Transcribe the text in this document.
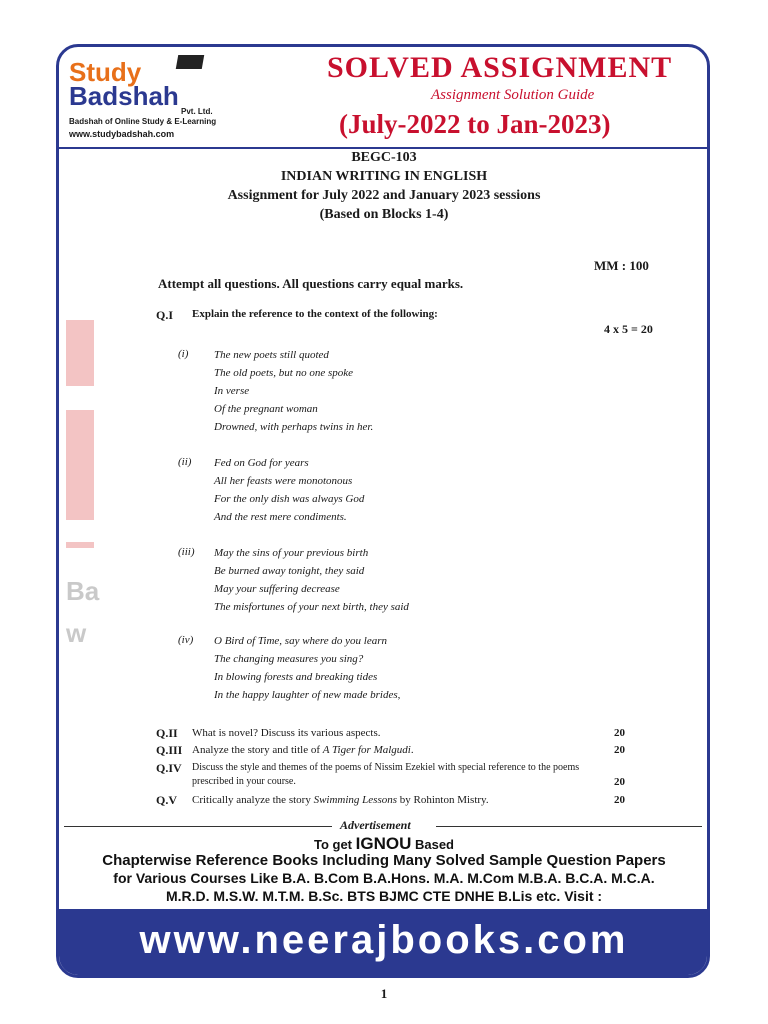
Study
Badshah
Pvt. Ltd.
Badshah of Online Study & E-Learning
www.studybadshah.com
SOLVED ASSIGNMENT
Assignment Solution Guide
(July-2022 to Jan-2023)
Ba
w
BEGC-103
INDIAN WRITING IN ENGLISH
Assignment for July 2022 and January 2023 sessions
(Based on Blocks 1-4)
MM : 100
Attempt all questions. All questions carry equal marks.
Q.I Explain the reference to the context of the following:
4 x 5 = 20
(i) The new poets still quoted
The old poets, but no one spoke
In verse
Of the pregnant woman
Drowned, with perhaps twins in her.
(ii) Fed on God for years
All her feasts were monotonous
For the only dish was always God
And the rest mere condiments.
(iii) May the sins of your previous birth
Be burned away tonight, they said
May your suffering decrease
The misfortunes of your next birth, they said
(iv) O Bird of Time, say where do you learn
The changing measures you sing?
In blowing forests and breaking tides
In the happy laughter of new made brides,
Q.II What is novel? Discuss its various aspects.	20
Q.III Analyze the story and title of A Tiger for Malgudi.	20
Q.IV Discuss the style and themes of the poems of Nissim Ezekiel with special reference to the poems
prescribed in your course.	20
Q.V Critically analyze the story Swimming Lessons by Rohinton Mistry.	20
Advertisement
To get IGNOU Based
Chapterwise Reference Books Including Many Solved Sample Question Papers
for Various Courses Like B.A. B.Com B.A.Hons. M.A. M.Com M.B.A. B.C.A. M.C.A.
M.R.D. M.S.W. M.T.M. B.Sc. BTS BJMC CTE DNHE B.Lis etc. Visit :
www.neerajbooks.com
1
